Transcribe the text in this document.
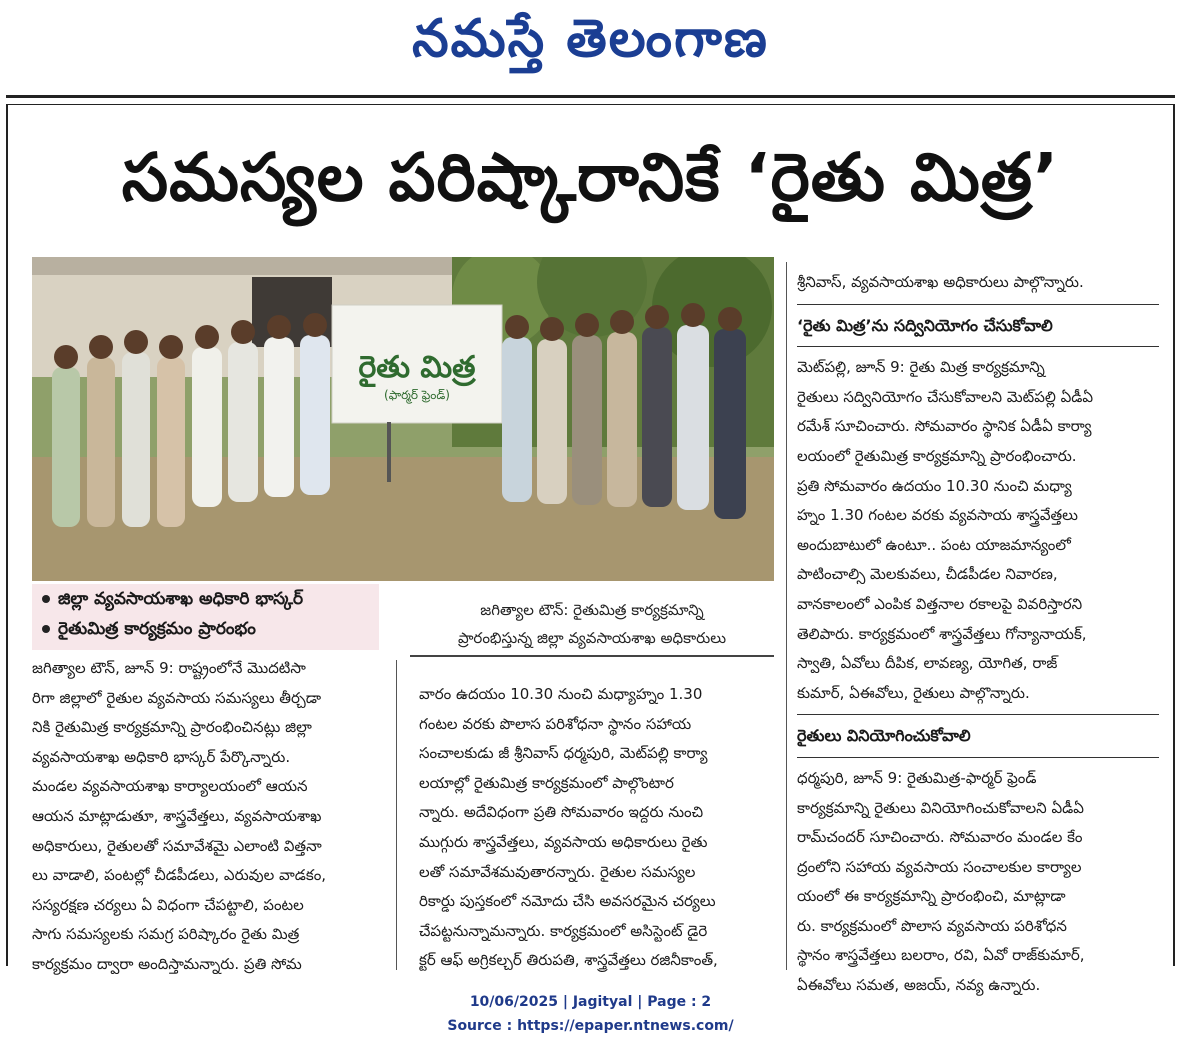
నమస్తే తెలంగాణ
సమస్యల పరిష్కారానికే ‘రైతు మిత్ర’
రైతు మిత్ర
(ఫార్మర్ ఫ్రెండ్)
జిల్లా వ్యవసాయశాఖ అధికారి భాస్కర్
రైతుమిత్ర కార్యక్రమం ప్రారంభం
జగిత్యాల టౌన్: రైతుమిత్ర కార్యక్రమాన్ని
ప్రారంభిస్తున్న జిల్లా వ్యవసాయశాఖ అధికారులు
జగిత్యాల టౌన్, జూన్ 9: రాష్ట్రంలోనే మొదటిసా
రిగా జిల్లాలో రైతుల వ్యవసాయ సమస్యలు తీర్చడా
నికి రైతుమిత్ర కార్యక్రమాన్ని ప్రారంభించినట్లు జిల్లా
వ్యవసాయశాఖ అధికారి భాస్కర్ పేర్కొన్నారు.
మండల వ్యవసాయశాఖ కార్యాలయంలో ఆయన
ఆయన మాట్లాడుతూ, శాస్త్రవేత్తలు, వ్యవసాయశాఖ
అధికారులు, రైతులతో సమావేశమై ఎలాంటి విత్తనా
లు వాడాలి, పంటల్లో చీడపీడలు, ఎరువుల వాడకం,
సస్యరక్షణ చర్యలు ఏ విధంగా చేపట్టాలి, పంటల
సాగు సమస్యలకు సమగ్ర పరిష్కారం రైతు మిత్ర
కార్యక్రమం ద్వారా అందిస్తామన్నారు. ప్రతి సోమ
వారం ఉదయం 10.30 నుంచి మధ్యాహ్నం 1.30
గంటల వరకు పొలాస పరిశోధనా స్థానం సహాయ
సంచాలకుడు జీ శ్రీనివాస్ ధర్మపురి, మెట్‌పల్లి కార్యా
లయాల్లో రైతుమిత్ర కార్యక్రమంలో పాల్గొంటార
న్నారు. అదేవిధంగా ప్రతి సోమవారం ఇద్దరు నుంచి
ముగ్గురు శాస్త్రవేత్తలు, వ్యవసాయ అధికారులు రైతు
లతో సమావేశమవుతారన్నారు. రైతుల సమస్యల
రికార్డు పుస్తకంలో నమోదు చేసి అవసరమైన చర్యలు
చేపట్టనున్నామన్నారు. కార్యక్రమంలో అసిస్టెంట్ డైరె
క్టర్ ఆఫ్ అగ్రికల్చర్ తిరుపతి, శాస్త్రవేత్తలు రజినీకాంత్,
శ్రీనివాస్, వ్యవసాయశాఖ అధికారులు పాల్గొన్నారు.
‘రైతు మిత్ర’ను సద్వినియోగం చేసుకోవాలి
మెట్‌పల్లి, జూన్ 9: రైతు మిత్ర కార్యక్రమాన్ని
రైతులు సద్వినియోగం చేసుకోవాలని మెట్‌పల్లి ఏడీఏ
రమేశ్ సూచించారు. సోమవారం స్థానిక ఏడీఏ కార్యా
లయంలో రైతుమిత్ర కార్యక్రమాన్ని ప్రారంభించారు.
ప్రతి సోమవారం ఉదయం 10.30 నుంచి మధ్యా
హ్నం 1.30 గంటల వరకు వ్యవసాయ శాస్త్రవేత్తలు
అందుబాటులో ఉంటూ.. పంట యాజమాన్యంలో
పాటించాల్సి మెలకువలు, చీడపీడల నివారణ,
వానకాలంలో ఎంపిక విత్తనాల రకాలపై వివరిస్తారని
తెలిపారు. కార్యక్రమంలో శాస్త్రవేత్తలు గోన్యానాయక్,
స్వాతి, ఏవోలు దీపిక, లావణ్య, యోగిత, రాజ్
కుమార్, ఏఈవోలు, రైతులు పాల్గొన్నారు.
రైతులు వినియోగించుకోవాలి
ధర్మపురి, జూన్ 9: రైతుమిత్ర-ఫార్మర్ ఫ్రెండ్
కార్యక్రమాన్ని రైతులు వినియోగించుకోవాలని ఏడీఏ
రామ్‌చందర్ సూచించారు. సోమవారం మండల కేం
ద్రంలోని సహాయ వ్యవసాయ సంచాలకుల కార్యాల
యంలో ఈ కార్యక్రమాన్ని ప్రారంభించి, మాట్లాడా
రు. కార్యక్రమంలో పొలాస వ్యవసాయ పరిశోధన
స్థానం శాస్త్రవేత్తలు బలరాం, రవి, ఏవో రాజ్‌కుమార్,
ఏఈవోలు సమత, అజయ్, నవ్య ఉన్నారు.
10/06/2025 | Jagityal | Page : 2
Source : https://epaper.ntnews.com/
